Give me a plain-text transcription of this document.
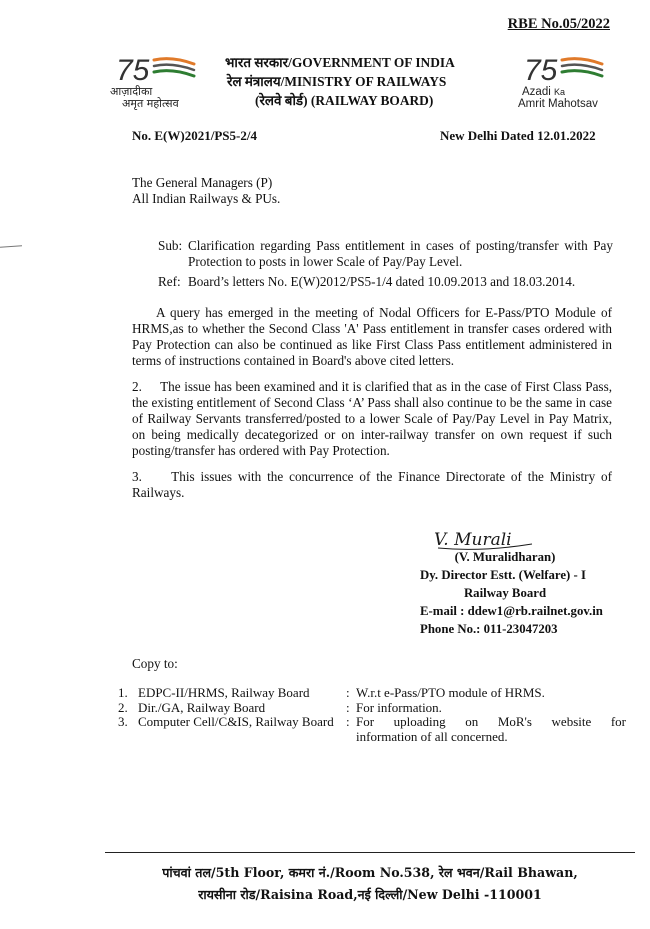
RBE No.05/2022
75
आज़ादीका
अमृत महोत्सव
भारत सरकार/GOVERNMENT OF INDIA
रेल मंत्रालय/MINISTRY OF RAILWAYS
(रेलवे बोर्ड) (RAILWAY BOARD)
75
Azadi Ka
Amrit Mahotsav
No. E(W)2021/PS5-2/4	New Delhi Dated 12.01.2022
The General Managers (P)
All Indian Railways & PUs.
Sub: Clarification regarding Pass entitlement in cases of posting/transfer with Pay Protection to posts in lower Scale of Pay/Pay Level.
Ref: Board’s letters No. E(W)2012/PS5-1/4 dated 10.09.2013 and 18.03.2014.
A query has emerged in the meeting of Nodal Officers for E-Pass/PTO Module of HRMS,as to whether the Second Class 'A' Pass entitlement in transfer cases ordered with Pay Protection can also be continued as like First Class Pass entitlement administered in terms of instructions contained in Board's above cited letters.
2. The issue has been examined and it is clarified that as in the case of First Class Pass, the existing entitlement of Second Class ‘A’ Pass shall also continue to be the same in case of Railway Servants transferred/posted to a lower Scale of Pay/Pay Level in Pay Matrix, on being medically decategorized or on inter-railway transfer on own request if such posting/transfer has ordered with Pay Protection.
3. This issues with the concurrence of the Finance Directorate of the Ministry of Railways.
V. Murali
(V. Muralidharan)
Dy. Director Estt. (Welfare) - I
Railway Board
E-mail : ddew1@rb.railnet.gov.in
Phone No.: 011-23047203
Copy to:
1. EDPC-II/HRMS, Railway Board	: W.r.t e-Pass/PTO module of HRMS.
2. Dir./GA, Railway Board	: For information.
3. Computer Cell/C&IS, Railway Board : For uploading on MoR's website for
information of all concerned.
पांचवां तल/5th Floor, कमरा नं./Room No.538, रेल भवन/Rail Bhawan,
रायसीना रोड/Raisina Road,नई दिल्ली/New Delhi -110001
